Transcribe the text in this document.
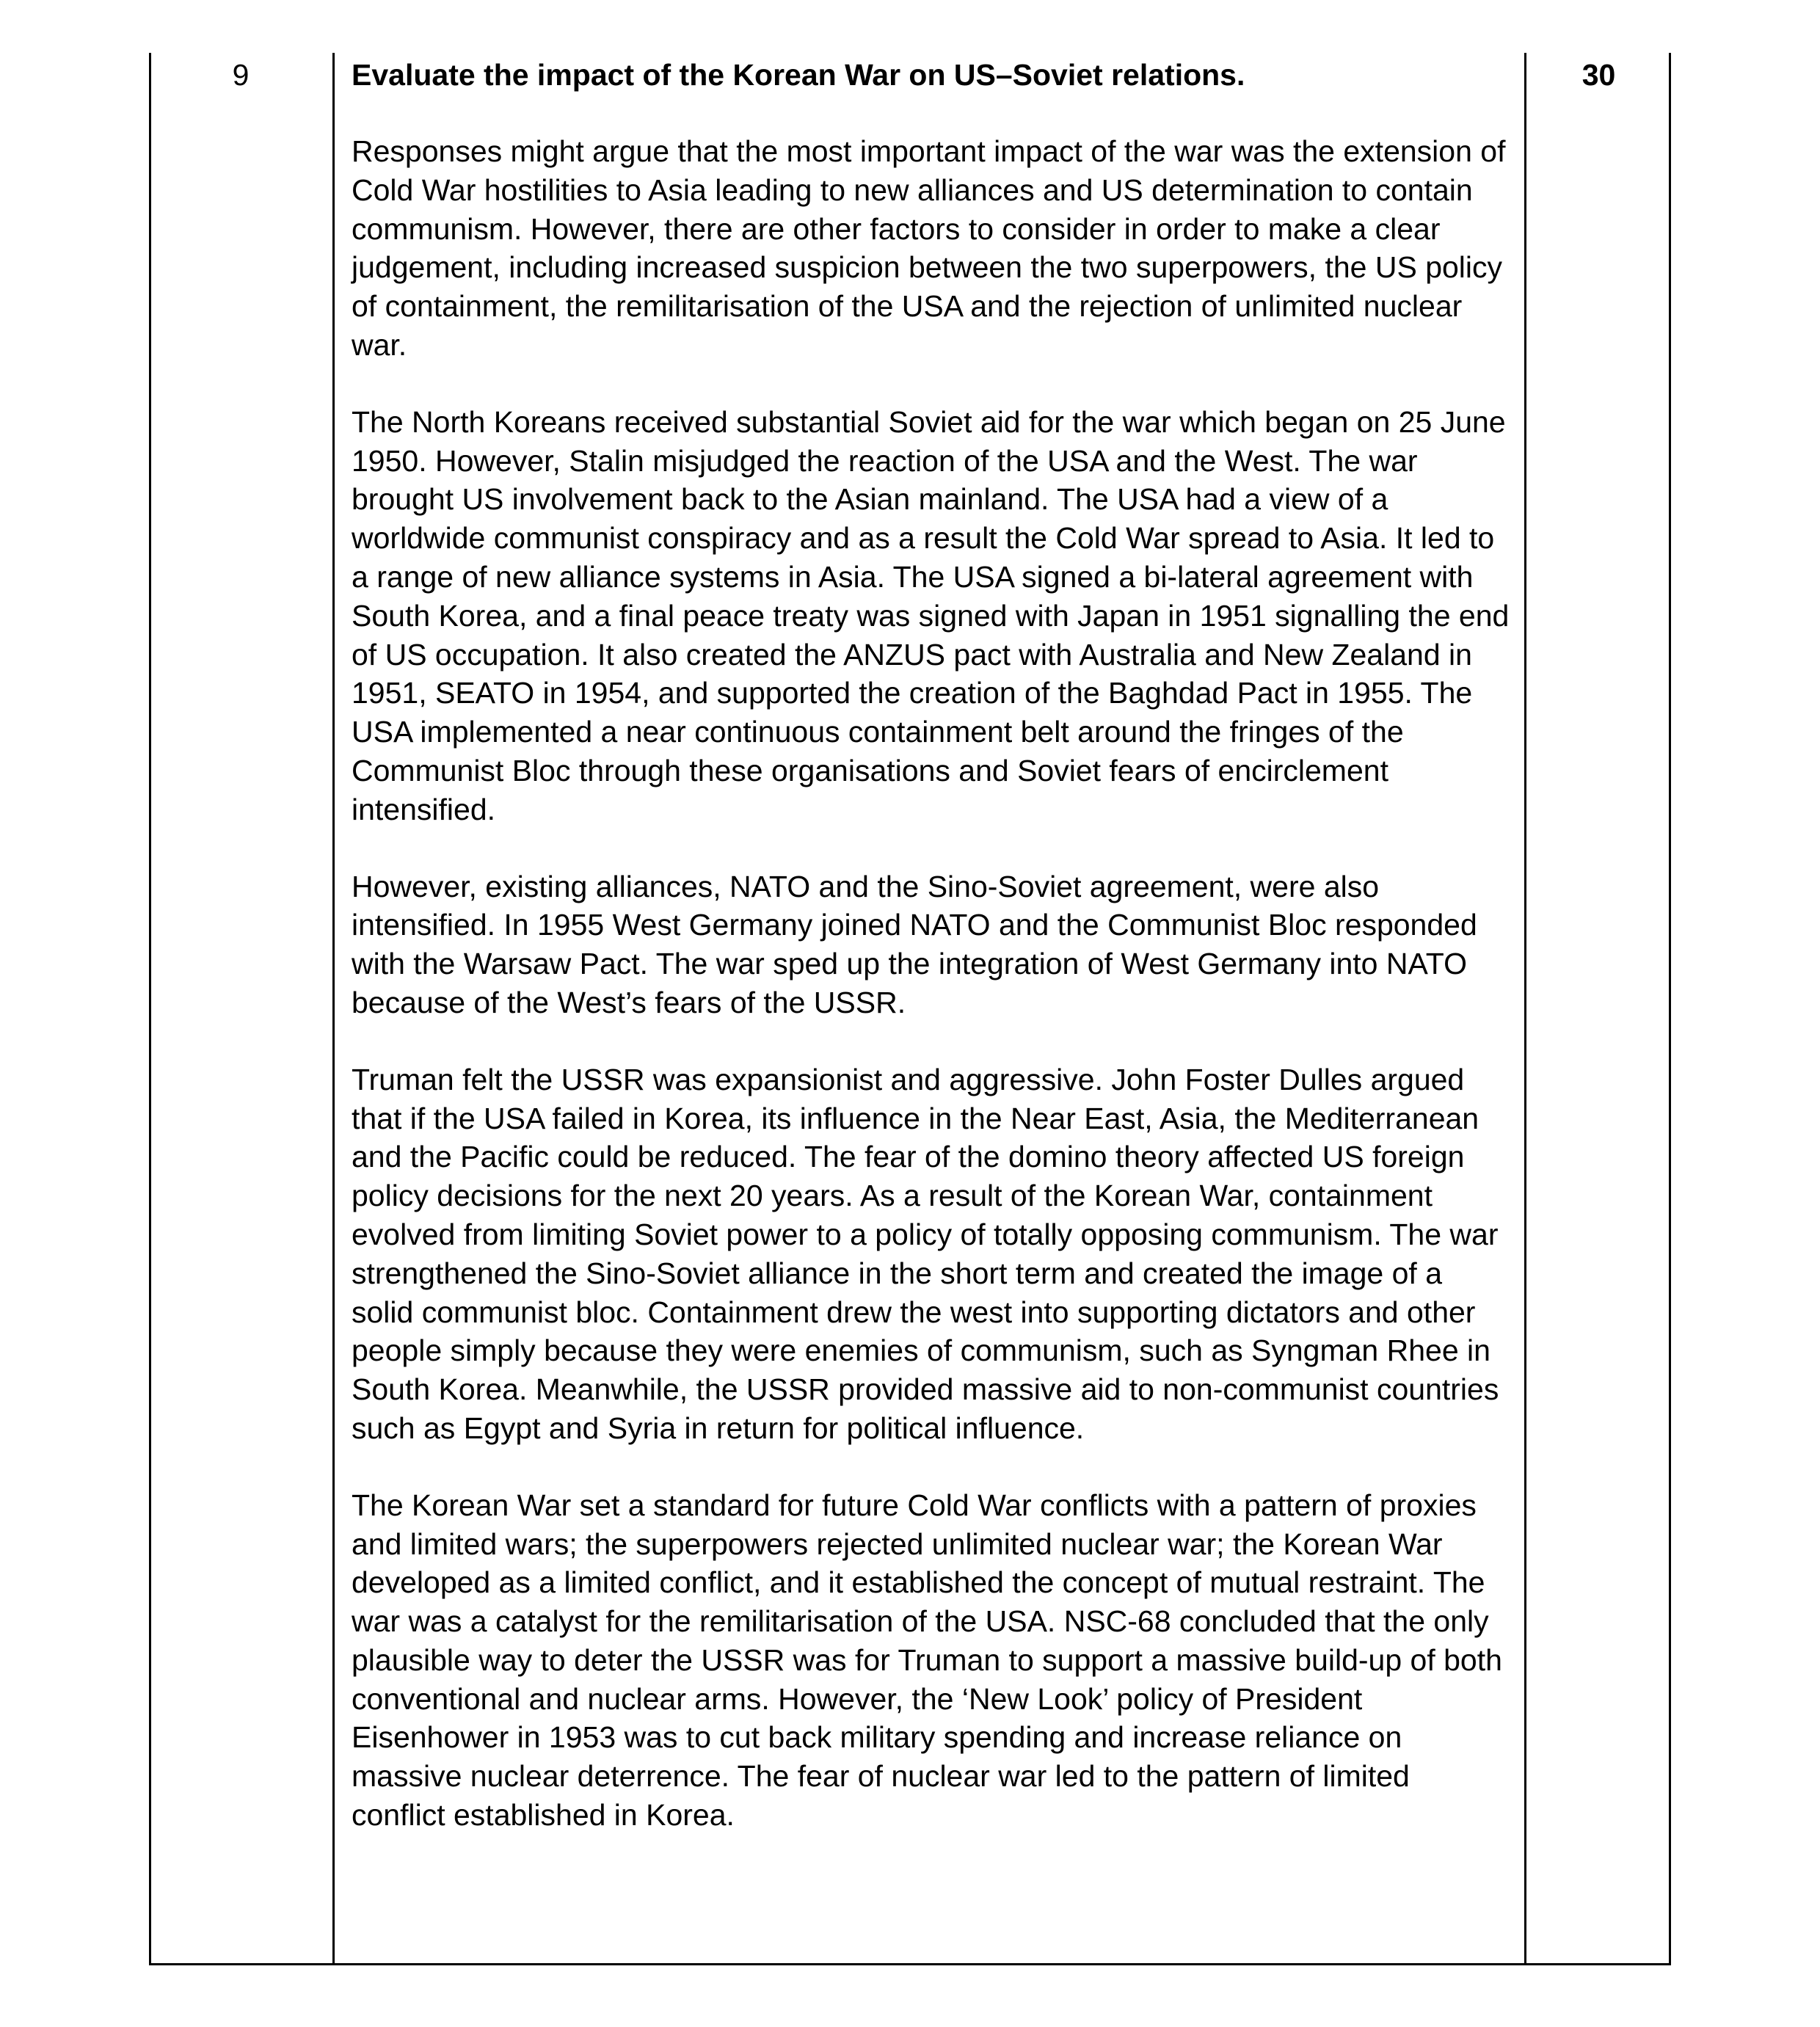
9	Evaluate the impact of the Korean War on US–Soviet relations.

Responses might argue that the most important impact of the war was the extension of Cold War hostilities to Asia leading to new alliances and US determination to contain communism. However, there are other factors to consider in order to make a clear judgement, including increased suspicion between the two superpowers, the US policy of containment, the remilitarisation of the USA and the rejection of unlimited nuclear war.

The North Koreans received substantial Soviet aid for the war which began on 25 June 1950. However, Stalin misjudged the reaction of the USA and the West. The war brought US involvement back to the Asian mainland. The USA had a view of a worldwide communist conspiracy and as a result the Cold War spread to Asia. It led to a range of new alliance systems in Asia. The USA signed a bi-lateral agreement with South Korea, and a final peace treaty was signed with Japan in 1951 signalling the end of US occupation. It also created the ANZUS pact with Australia and New Zealand in 1951, SEATO in 1954, and supported the creation of the Baghdad Pact in 1955. The USA implemented a near continuous containment belt around the fringes of the Communist Bloc through these organisations and Soviet fears of encirclement intensified.

However, existing alliances, NATO and the Sino-Soviet agreement, were also intensified. In 1955 West Germany joined NATO and the Communist Bloc responded with the Warsaw Pact. The war sped up the integration of West Germany into NATO because of the West’s fears of the USSR.

Truman felt the USSR was expansionist and aggressive. John Foster Dulles argued that if the USA failed in Korea, its influence in the Near East, Asia, the Mediterranean and the Pacific could be reduced. The fear of the domino theory affected US foreign policy decisions for the next 20 years. As a result of the Korean War, containment evolved from limiting Soviet power to a policy of totally opposing communism. The war strengthened the Sino-Soviet alliance in the short term and created the image of a solid communist bloc. Containment drew the west into supporting dictators and other people simply because they were enemies of communism, such as Syngman Rhee in South Korea. Meanwhile, the USSR provided massive aid to non-communist countries such as Egypt and Syria in return for political influence.

The Korean War set a standard for future Cold War conflicts with a pattern of proxies and limited wars; the superpowers rejected unlimited nuclear war; the Korean War developed as a limited conflict, and it established the concept of mutual restraint. The war was a catalyst for the remilitarisation of the USA. NSC-68 concluded that the only plausible way to deter the USSR was for Truman to support a massive build-up of both conventional and nuclear arms. However, the ‘New Look’ policy of President Eisenhower in 1953 was to cut back military spending and increase reliance on massive nuclear deterrence. The fear of nuclear war led to the pattern of limited conflict established in Korea.

30
